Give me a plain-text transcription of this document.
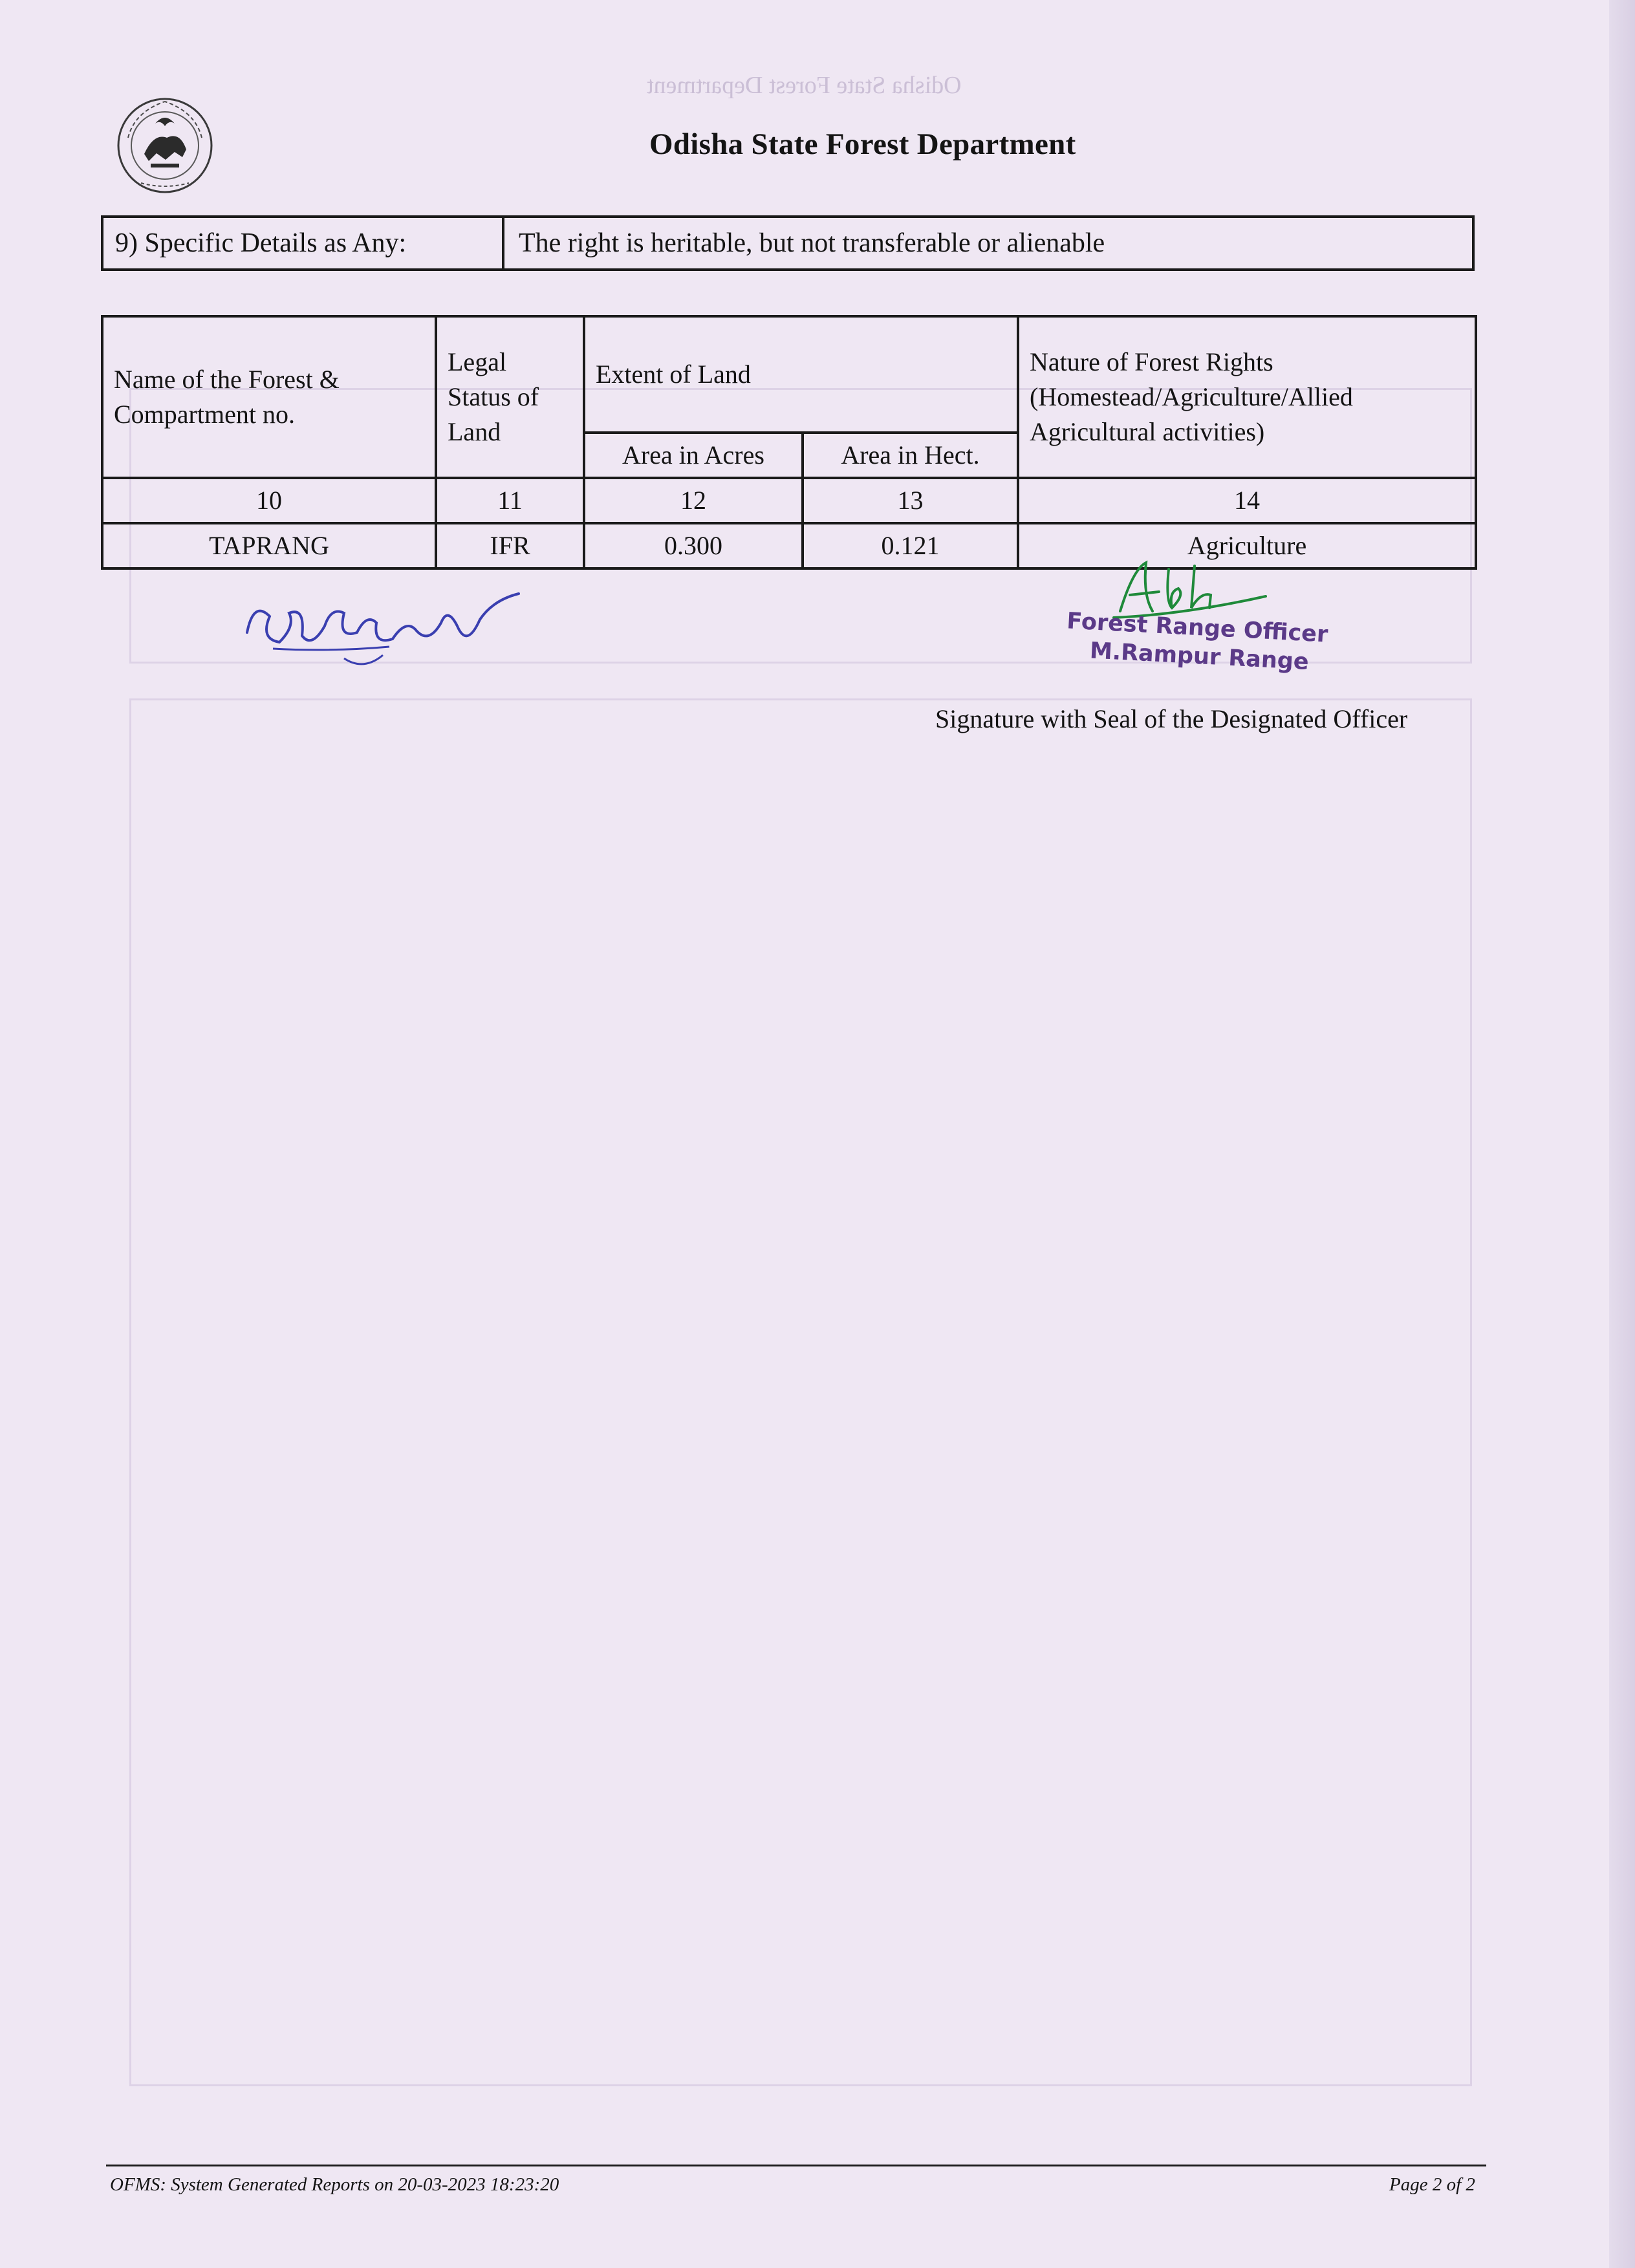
Odisha State Forest Department
Odisha State Forest Department
9) Specific Details as Any:	The right is heritable, but not transferable or alienable
Name of the Forest & Compartment no.	Legal Status of Land	Extent of Land		Nature of Forest Rights (Homestead/Agriculture/Allied Agricultural activities)
		Area in Acres	Area in Hect.	
10	11	12	13	14
TAPRANG	IFR	0.300	0.121	Agriculture
Forest Range Officer
M.Rampur Range
Signature with Seal of the Designated Officer
OFMS: System Generated Reports on 20-03-2023 18:23:20	Page 2 of 2
